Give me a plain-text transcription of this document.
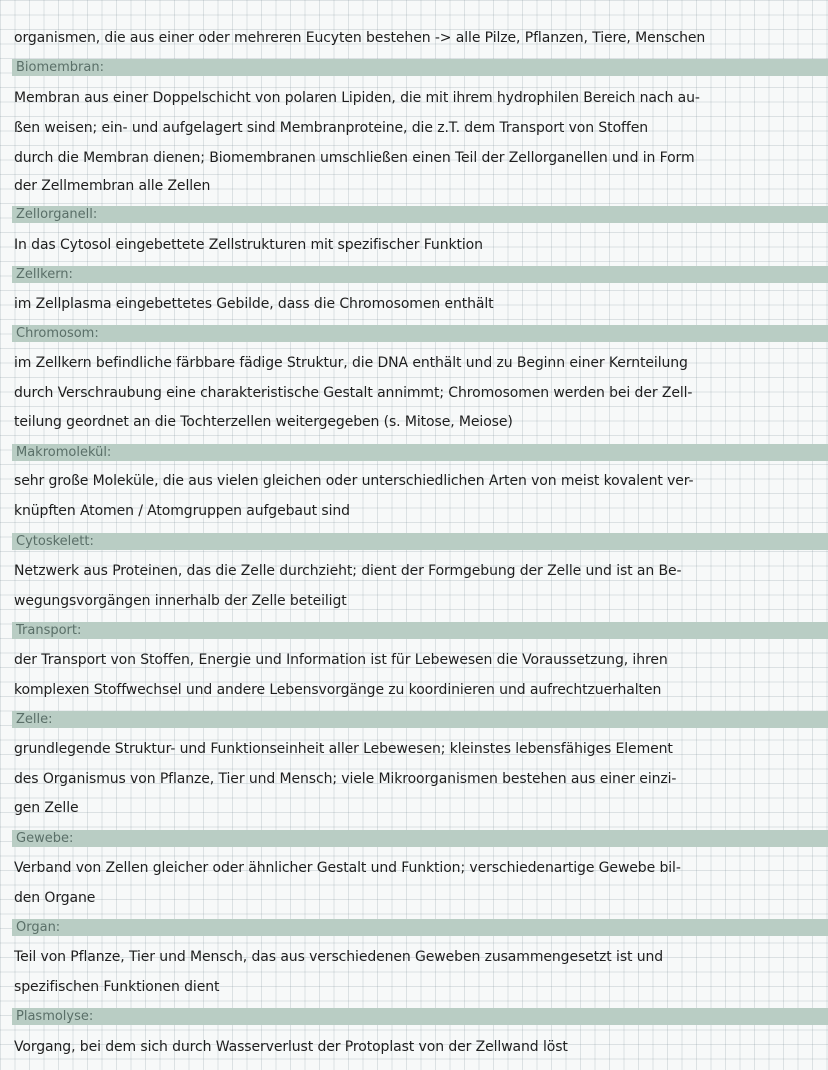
organismen, die aus einer oder mehreren Eucyten bestehen -> alle Pilze, Pflanzen, Tiere, Menschen
Biomembran:
Membran aus einer Doppelschicht von polaren Lipiden, die mit ihrem hydrophilen Bereich nach au-
ßen weisen; ein- und aufgelagert sind Membranproteine, die z.T. dem Transport von Stoffen
durch die Membran dienen; Biomembranen umschließen einen Teil der Zellorganellen und in Form
der Zellmembran alle Zellen
Zellorganell:
In das Cytosol eingebettete Zellstrukturen mit spezifischer Funktion
Zellkern:
im Zellplasma eingebettetes Gebilde, dass die Chromosomen enthält
Chromosom:
im Zellkern befindliche färbbare fädige Struktur, die DNA enthält und zu Beginn einer Kernteilung
durch Verschraubung eine charakteristische Gestalt annimmt; Chromosomen werden bei der Zell-
teilung geordnet an die Tochterzellen weitergegeben (s. Mitose, Meiose)
Makromolekül:
sehr große Moleküle, die aus vielen gleichen oder unterschiedlichen Arten von meist kovalent ver-
knüpften Atomen / Atomgruppen aufgebaut sind
Cytoskelett:
Netzwerk aus Proteinen, das die Zelle durchzieht; dient der Formgebung der Zelle und ist an Be-
wegungsvorgängen innerhalb der Zelle beteiligt
Transport:
der Transport von Stoffen, Energie und Information ist für Lebewesen die Voraussetzung, ihren
komplexen Stoffwechsel und andere Lebensvorgänge zu koordinieren und aufrechtzuerhalten
Zelle:
grundlegende Struktur- und Funktionseinheit aller Lebewesen; kleinstes lebensfähiges Element
des Organismus von Pflanze, Tier und Mensch; viele Mikroorganismen bestehen aus einer einzi-
gen Zelle
Gewebe:
Verband von Zellen gleicher oder ähnlicher Gestalt und Funktion; verschiedenartige Gewebe bil-
den Organe
Organ:
Teil von Pflanze, Tier und Mensch, das aus verschiedenen Geweben zusammengesetzt ist und
spezifischen Funktionen dient
Plasmolyse:
Vorgang, bei dem sich durch Wasserverlust der Protoplast von der Zellwand löst
